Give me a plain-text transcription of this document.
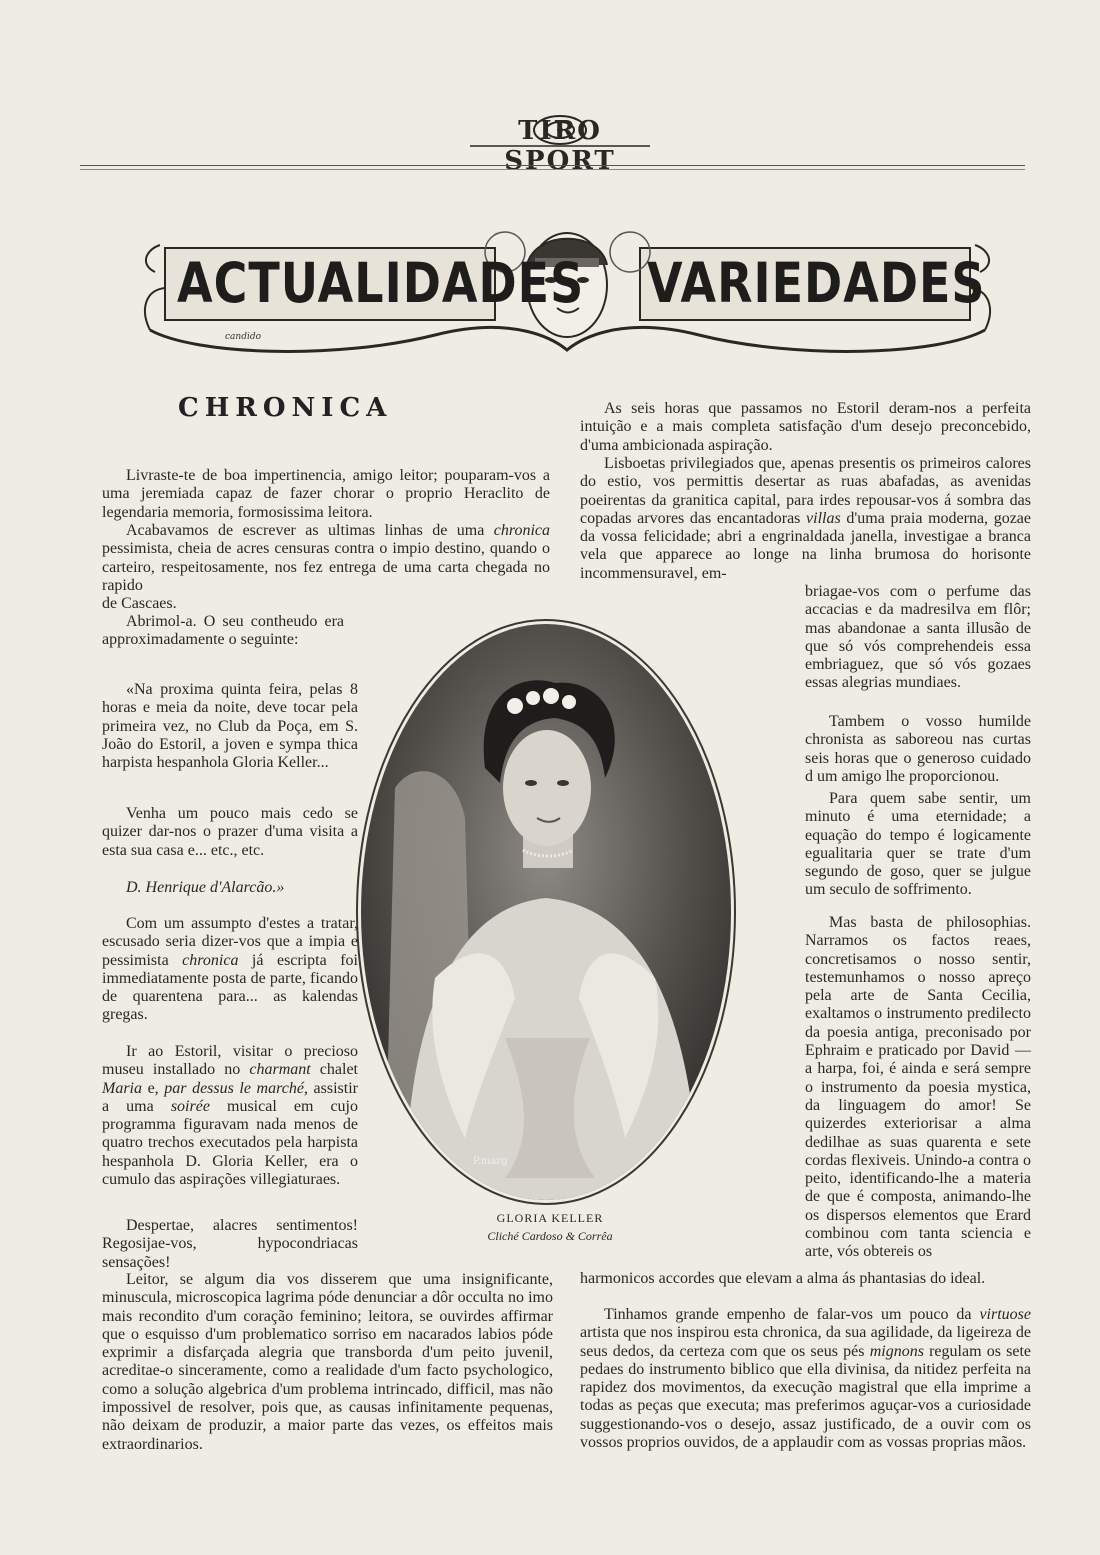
TIRO SPORT
ACTUALIDADES VARIEDADES
candido
CHRONICA
Livraste-te de boa impertinencia, amigo leitor; pouparam-vos a uma jeremiada capaz de fazer chorar o proprio Heraclito de legendaria memoria, formosissima leitora.
Acabavamos de escrever as ultimas linhas de uma chronica pessimista, cheia de acres censuras contra o impio destino, quando o carteiro, respeitosamente, nos fez entrega de uma carta chegada no rapido
de Cascaes.
Abrimol-a. O seu contheudo era approximadamente o seguinte:
«Na proxima quinta feira, pelas 8 horas e meia da noite, deve tocar pela primeira vez, no Club da Poça, em S. João do Estoril, a joven e sympa thica harpista hespanhola Gloria Keller...
Venha um pouco mais cedo se quizer dar-nos o prazer d'uma visita a esta sua casa e... etc., etc.
D. Henrique d'Alarcão.»
Com um assumpto d'estes a tratar, escusado seria dizer-vos que a impia e pessimista chronica já escripta foi immediatamente posta de parte, ficando de quarentena para... as kalendas gregas.
Ir ao Estoril, visitar o precioso museu installado no charmant chalet Maria e, par dessus le marché, assistir a uma soirée musical em cujo programma figuravam nada menos de quatro trechos executados pela harpista hespanhola D. Gloria Keller, era o cumulo das aspirações villegiaturaes.
Despertae, alacres sentimentos! Regosijae-vos, hypocondriacas sensações!
Leitor, se algum dia vos disserem que uma insignificante, minuscula, microscopica lagrima póde denunciar a dôr occulta no imo mais recondito d'um coração feminino; leitora, se ouvirdes affirmar que o esquisso d'um problematico sorriso em nacarados labios póde exprimir a disfarçada alegria que transborda d'um peito juvenil, acreditae-o sinceramente, como a realidade d'um facto psychologico, como a solução algebrica d'um problema intrincado, difficil, mas não impossivel de resolver, pois que, as causas infinitamente pequenas, não deixam de produzir, a maior parte das vezes, os effeitos mais extraordinarios.
As seis horas que passamos no Estoril deram-nos a perfeita intuição e a mais completa satisfação d'um desejo preconcebido, d'uma ambicionada aspiração.
Lisboetas privilegiados que, apenas presentis os primeiros calores do estio, vos permittis desertar as ruas abafadas, as avenidas poeirentas da granitica capital, para irdes repousar-vos á sombra das copadas arvores das encantadoras villas d'uma praia moderna, gozae da vossa felicidade; abri a engrinaldada janella, investigae a branca vela que apparece ao longe na linha brumosa do horisonte incommensuravel, em-
briagae-vos com o perfume das accacias e da madresilva em flôr; mas abandonae a santa illusão de que só vós comprehendeis essa embriaguez, que só vós gozaes essas alegrias mundiaes.
Tambem o vosso humilde chronista as saboreou nas curtas seis horas que o generoso cuidado d um amigo lhe proporcionou.
Para quem sabe sentir, um minuto é uma eternidade; a equação do tempo é logicamente egualitaria quer se trate d'um segundo de goso, quer se julgue um seculo de soffrimento.
Mas basta de philosophias. Narramos os factos reaes, concretisamos o nosso sentir, testemunhamos o nosso apreço pela arte de Santa Cecilia, exaltamos o instrumento predilecto da poesia antiga, preconisado por Ephraim e praticado por David — a harpa, foi, é ainda e será sempre o instrumento da poesia mystica, da linguagem do amor! Se quizerdes exteriorisar a alma dedilhae as suas quarenta e sete cordas flexiveis. Unindo-a contra o peito, identificando-lhe a materia de que é composta, animando-lhe os dispersos elementos que Erard combinou com tanta sciencia e arte, vós obtereis os
harmonicos accordes que elevam a alma ás phantasias do ideal.
Tinhamos grande empenho de falar-vos um pouco da virtuose artista que nos inspirou esta chronica, da sua agilidade, da ligeireza de seus dedos, da certeza com que os seus pés mignons regulam os sete pedaes do instrumento biblico que ella divinisa, da nitidez perfeita na rapidez dos movimentos, da execução magistral que ella imprime a todas as peças que executa; mas preferimos aguçar-vos a curiosidade suggestionando-vos o desejo, assaz justificado, de a ouvir com os vossos proprios ouvidos, de a applaudir com as vossas proprias mãos.
P.marg
GLORIA KELLER
Cliché Cardoso & Corrêa
